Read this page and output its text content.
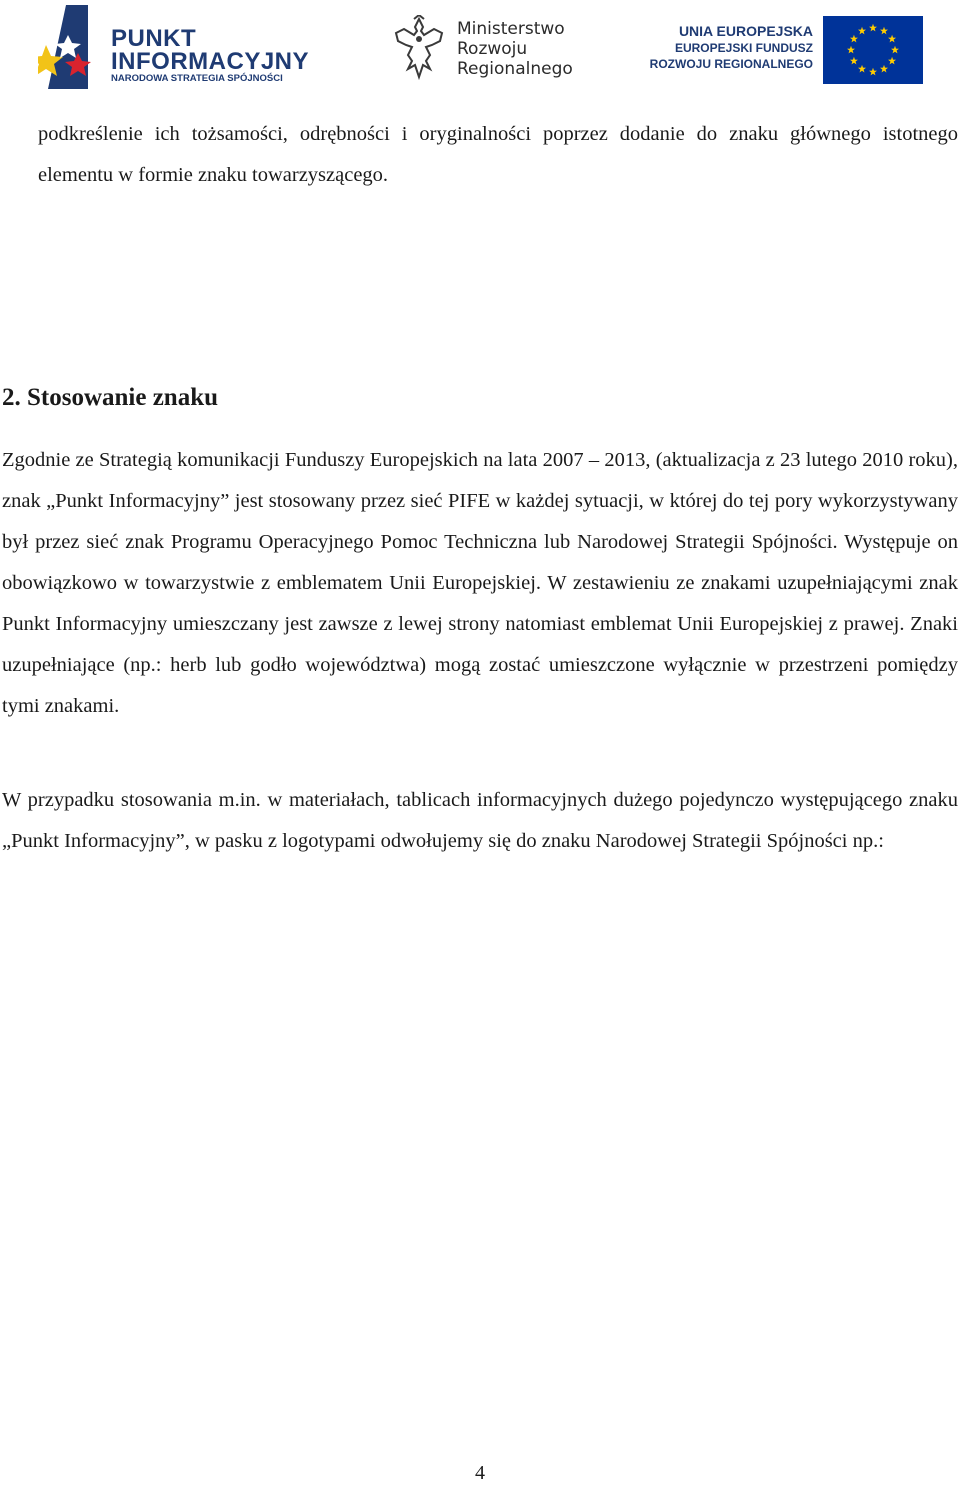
PUNKT
INFORMACYJNY
NARODOWA STRATEGIA SPÓJNOŚCI
Ministerstwo
Rozwoju
Regionalnego
UNIA EUROPEJSKA
EUROPEJSKI FUNDUSZ
ROZWOJU REGIONALNEGO

podkreślenie ich tożsamości, odrębności i oryginalności poprzez dodanie do znaku głównego istotnego elementu w formie znaku towarzyszącego.

2. Stosowanie znaku

Zgodnie ze Strategią komunikacji Funduszy Europejskich na lata 2007 – 2013, (aktualizacja z 23 lutego 2010 roku), znak „Punkt Informacyjny” jest stosowany przez sieć PIFE w każdej sytuacji, w której do tej pory wykorzystywany był przez sieć znak Programu Operacyjnego Pomoc Techniczna lub Narodowej Strategii Spójności. Występuje on obowiązkowo w towarzystwie z emblematem Unii Europejskiej. W zestawieniu ze znakami uzupełniającymi znak Punkt Informacyjny umieszczany jest zawsze z lewej strony natomiast emblemat Unii Europejskiej z prawej. Znaki uzupełniające (np.: herb lub godło województwa) mogą zostać umieszczone wyłącznie w przestrzeni pomiędzy tymi znakami.

W przypadku stosowania m.in. w materiałach, tablicach informacyjnych dużego pojedynczo występującego znaku „Punkt Informacyjny”, w pasku z logotypami odwołujemy się do znaku Narodowej Strategii Spójności np.:

4
